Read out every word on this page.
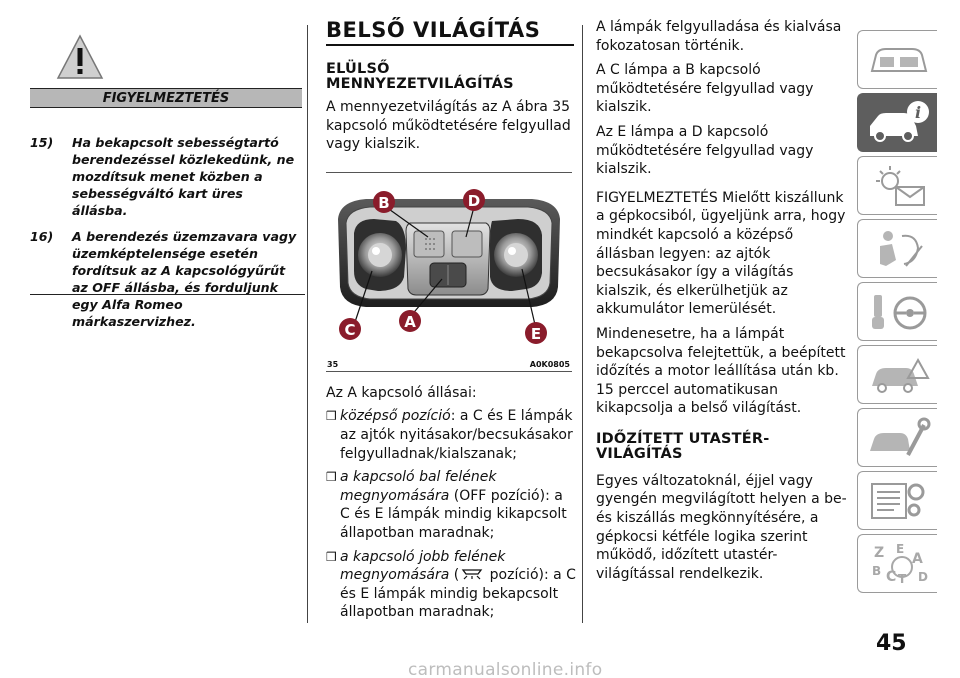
FIGYELMEZTETÉS
15)	Ha bekapcsolt sebességtartó berendezéssel közlekedünk, ne mozdítsuk menet közben a sebességváltó kart üres állásba.
16)	A berendezés üzemzavara vagy üzemképtelensége esetén fordítsuk az A kapcsológyűrűt az OFF állásba, és forduljunk egy Alfa Romeo márkaszervizhez.
BELSŐ VILÁGÍTÁS
ELÜLSŐ MENNYEZETVILÁGÍTÁS
A mennyezetvilágítás az A ábra 35 kapcsoló működtetésére felgyullad vagy kialszik.
B	D
C	A
E
35	A0K0805
Az A kapcsoló állásai:
❒ középső pozíció: a C és E lámpák az ajtók nyitásakor/becsukásakor felgyulladnak/kialszanak;
❒ a kapcsoló bal felének megnyomására (OFF pozíció): a C és E lámpák mindig kikapcsolt állapotban maradnak;
❒ a kapcsoló jobb felének megnyomására ( pozíció): a C és E lámpák mindig bekapcsolt állapotban maradnak;
A lámpák felgyulladása és kialvása fokozatosan történik.
A C lámpa a B kapcsoló működtetésére felgyullad vagy kialszik.
Az E lámpa a D kapcsoló működtetésére felgyullad vagy kialszik.
FIGYELMEZTETÉS Mielőtt kiszállunk a gépkocsiból, ügyeljünk arra, hogy mindkét kapcsoló a középső állásban legyen: az ajtók becsukásakor így a világítás kialszik, és elkerülhetjük az akkumulátor lemerülését.
Mindenesetre, ha a lámpát bekapcsolva felejtettük, a beépített időzítés a motor leállítása után kb. 15 perccel automatikusan kikapcsolja a belső világítást.
IDŐZÍTETT UTASTÉR-VILÁGÍTÁS
Egyes változatoknál, éjjel vagy gyengén megvilágított helyen a be- és kiszállás megkönnyítésére, a gépkocsi kétféle logika szerint működő, időzített utastér-világítással rendelkezik.
i
Z E
A
B C T D
45
carmanualsonline.info
